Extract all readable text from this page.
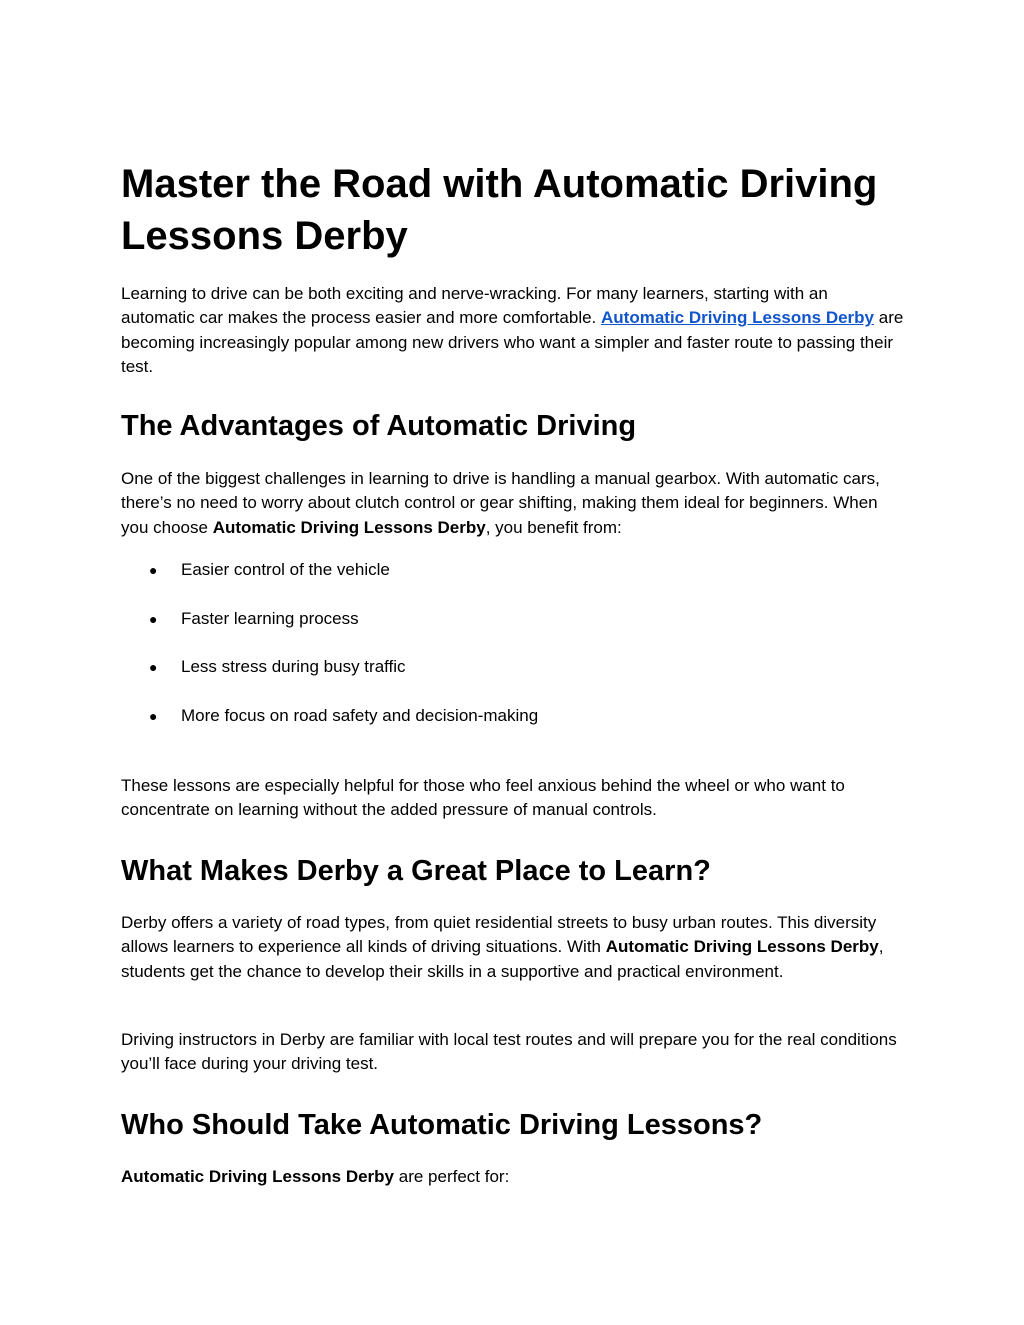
Master the Road with Automatic Driving Lessons Derby

Learning to drive can be both exciting and nerve-wracking. For many learners, starting with an automatic car makes the process easier and more comfortable. Automatic Driving Lessons Derby are becoming increasingly popular among new drivers who want a simpler and faster route to passing their test.

The Advantages of Automatic Driving

One of the biggest challenges in learning to drive is handling a manual gearbox. With automatic cars, there’s no need to worry about clutch control or gear shifting, making them ideal for beginners. When you choose Automatic Driving Lessons Derby, you benefit from:

● Easier control of the vehicle
● Faster learning process
● Less stress during busy traffic
● More focus on road safety and decision-making

These lessons are especially helpful for those who feel anxious behind the wheel or who want to concentrate on learning without the added pressure of manual controls.

What Makes Derby a Great Place to Learn?

Derby offers a variety of road types, from quiet residential streets to busy urban routes. This diversity allows learners to experience all kinds of driving situations. With Automatic Driving Lessons Derby, students get the chance to develop their skills in a supportive and practical environment.

Driving instructors in Derby are familiar with local test routes and will prepare you for the real conditions you’ll face during your driving test.

Who Should Take Automatic Driving Lessons?

Automatic Driving Lessons Derby are perfect for:
